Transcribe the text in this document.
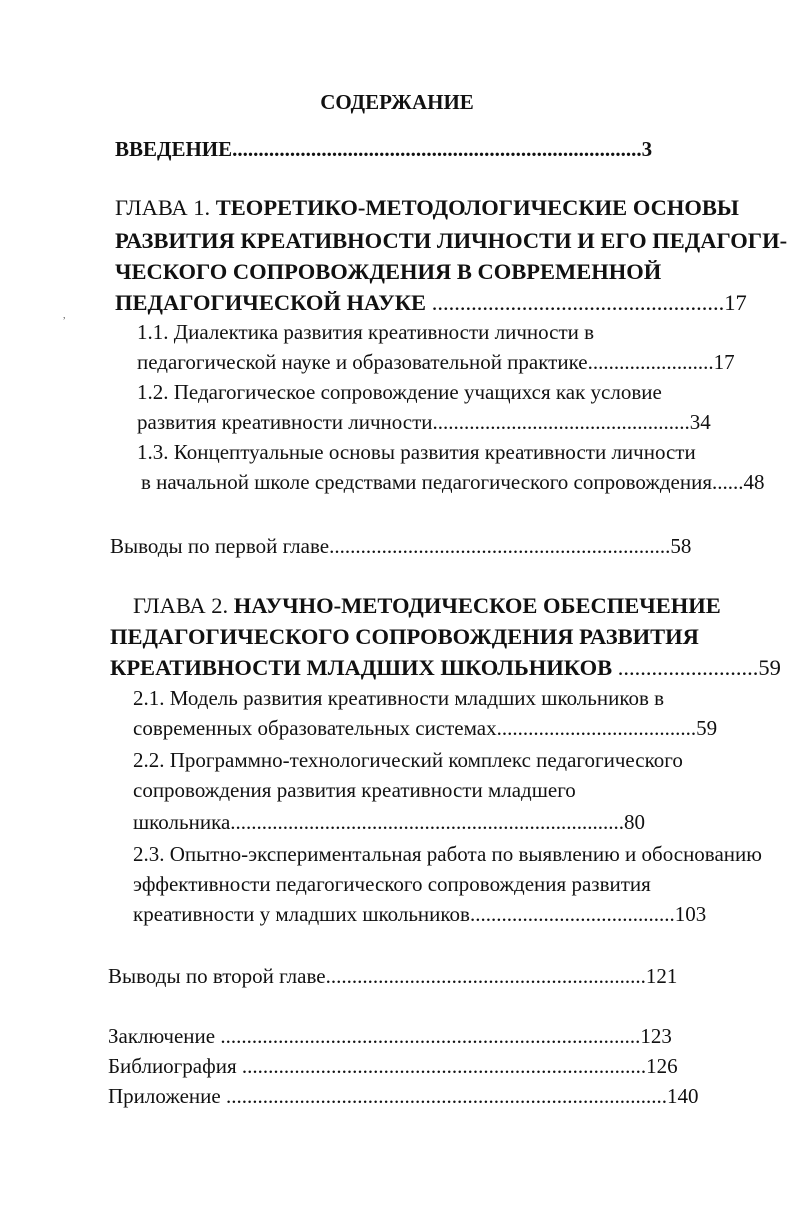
СОДЕРЖАНИЕ
ВВЕДЕНИЕ..............................................................................3
ГЛАВА 1. ТЕОРЕТИКО-МЕТОДОЛОГИЧЕСКИЕ ОСНОВЫ
РАЗВИТИЯ КРЕАТИВНОСТИ ЛИЧНОСТИ И ЕГО ПЕДАГОГИ-
ЧЕСКОГО СОПРОВОЖДЕНИЯ В СОВРЕМЕННОЙ
ПЕДАГОГИЧЕСКОЙ НАУКЕ ....................................................17
,
1.1. Диалектика развития креативности личности в
педагогической науке и образовательной практике........................17
1.2. Педагогическое сопровождение учащихся как условие
развития креативности личности.................................................34
1.3. Концептуальные основы развития креативности личности
в начальной школе средствами педагогического сопровождения......48
Выводы по первой главе.................................................................58
ГЛАВА 2. НАУЧНО-МЕТОДИЧЕСКОЕ ОБЕСПЕЧЕНИЕ
ПЕДАГОГИЧЕСКОГО СОПРОВОЖДЕНИЯ РАЗВИТИЯ
КРЕАТИВНОСТИ МЛАДШИХ ШКОЛЬНИКОВ .........................59
2.1. Модель развития креативности младших школьников в
современных образовательных системах......................................59
2.2. Программно-технологический комплекс педагогического
сопровождения развития креативности младшего
школьника...........................................................................80
2.3. Опытно-экспериментальная работа по выявлению и обоснованию
эффективности педагогического сопровождения развития
креативности у младших школьников.......................................103
Выводы по второй главе.............................................................121
Заключение ................................................................................123
Библиография .............................................................................126
Приложение ....................................................................................140
